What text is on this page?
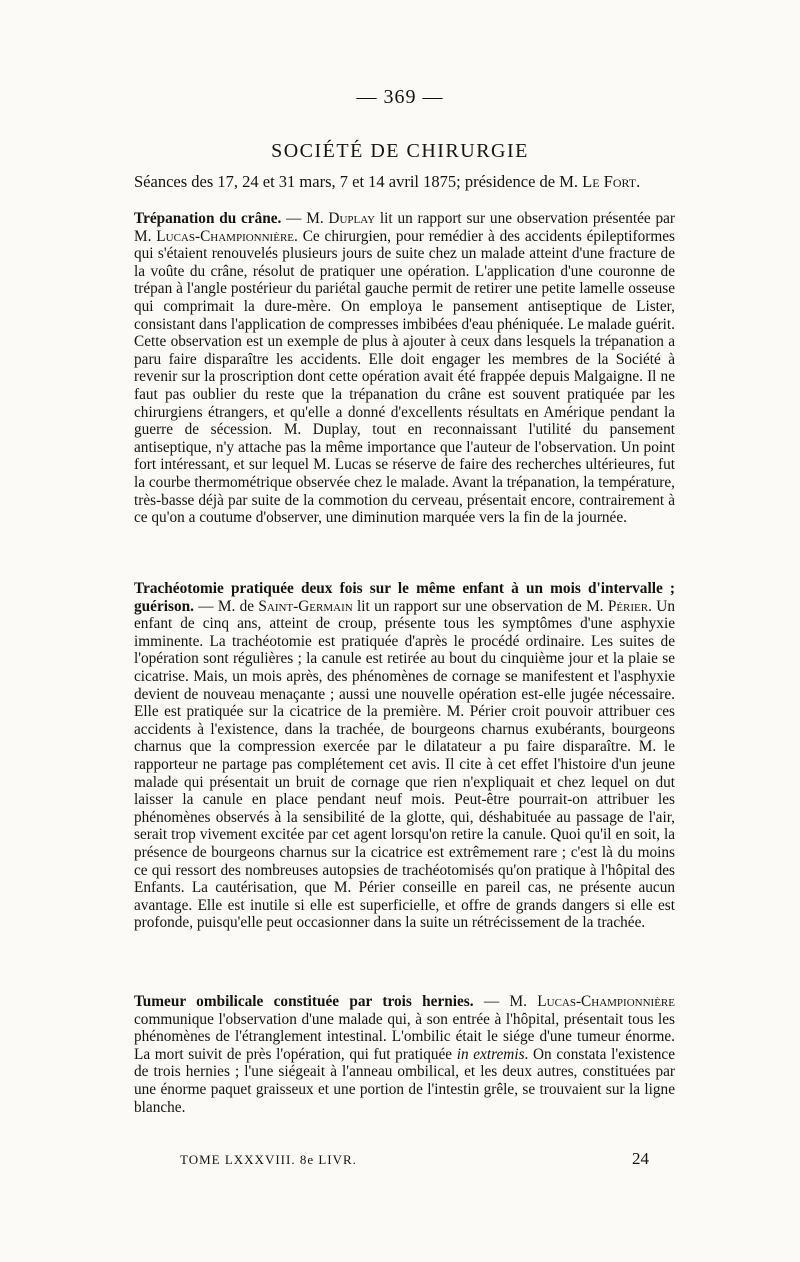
— 369 —
SOCIÉTÉ DE CHIRURGIE
Séances des 17, 24 et 31 mars, 7 et 14 avril 1875; présidence de M. Le Fort.
Trépanation du crâne. — M. Duplay lit un rapport sur une observation présentée par M. Lucas-Championnière. Ce chirurgien, pour remédier à des accidents épileptiformes qui s'étaient renouvelés plusieurs jours de suite chez un malade atteint d'une fracture de la voûte du crâne, résolut de pratiquer une opération. L'application d'une couronne de trépan à l'angle postérieur du pariétal gauche permit de retirer une petite lamelle osseuse qui comprimait la dure-mère. On employa le pansement antiseptique de Lister, consistant dans l'application de compresses imbibées d'eau phéniquée. Le malade guérit. Cette observation est un exemple de plus à ajouter à ceux dans lesquels la trépanation a paru faire disparaître les accidents. Elle doit engager les membres de la Société à revenir sur la proscription dont cette opération avait été frappée depuis Malgaigne. Il ne faut pas oublier du reste que la trépanation du crâne est souvent pratiquée par les chirurgiens étrangers, et qu'elle a donné d'excellents résultats en Amérique pendant la guerre de sécession. M. Duplay, tout en reconnaissant l'utilité du pansement antiseptique, n'y attache pas la même importance que l'auteur de l'observation. Un point fort intéressant, et sur lequel M. Lucas se réserve de faire des recherches ultérieures, fut la courbe thermométrique observée chez le malade. Avant la trépanation, la température, très-basse déjà par suite de la commotion du cerveau, présentait encore, contrairement à ce qu'on a coutume d'observer, une diminution marquée vers la fin de la journée.
Trachéotomie pratiquée deux fois sur le même enfant à un mois d'intervalle ; guérison. — M. de Saint-Germain lit un rapport sur une observation de M. Périer. Un enfant de cinq ans, atteint de croup, présente tous les symptômes d'une asphyxie imminente. La trachéotomie est pratiquée d'après le procédé ordinaire. Les suites de l'opération sont régulières ; la canule est retirée au bout du cinquième jour et la plaie se cicatrise. Mais, un mois après, des phénomènes de cornage se manifestent et l'asphyxie devient de nouveau menaçante ; aussi une nouvelle opération est-elle jugée nécessaire. Elle est pratiquée sur la cicatrice de la première. M. Périer croit pouvoir attribuer ces accidents à l'existence, dans la trachée, de bourgeons charnus exubérants, bourgeons charnus que la compression exercée par le dilatateur a pu faire disparaître. M. le rapporteur ne partage pas complétement cet avis. Il cite à cet effet l'histoire d'un jeune malade qui présentait un bruit de cornage que rien n'expliquait et chez lequel on dut laisser la canule en place pendant neuf mois. Peut-être pourrait-on attribuer les phénomènes observés à la sensibilité de la glotte, qui, déshabituée au passage de l'air, serait trop vivement excitée par cet agent lorsqu'on retire la canule. Quoi qu'il en soit, la présence de bourgeons charnus sur la cicatrice est extrêmement rare ; c'est là du moins ce qui ressort des nombreuses autopsies de trachéotomisés qu'on pratique à l'hôpital des Enfants. La cautérisation, que M. Périer conseille en pareil cas, ne présente aucun avantage. Elle est inutile si elle est superficielle, et offre de grands dangers si elle est profonde, puisqu'elle peut occasionner dans la suite un rétrécissement de la trachée.
Tumeur ombilicale constituée par trois hernies. — M. Lucas-Championnière communique l'observation d'une malade qui, à son entrée à l'hôpital, présentait tous les phénomènes de l'étranglement intestinal. L'ombilic était le siége d'une tumeur énorme. La mort suivit de près l'opération, qui fut pratiquée in extremis. On constata l'existence de trois hernies ; l'une siégeait à l'anneau ombilical, et les deux autres, constituées par une énorme paquet graisseux et une portion de l'intestin grêle, se trouvaient sur la ligne blanche.
TOME LXXXVIII. 8e LIVR.	24
